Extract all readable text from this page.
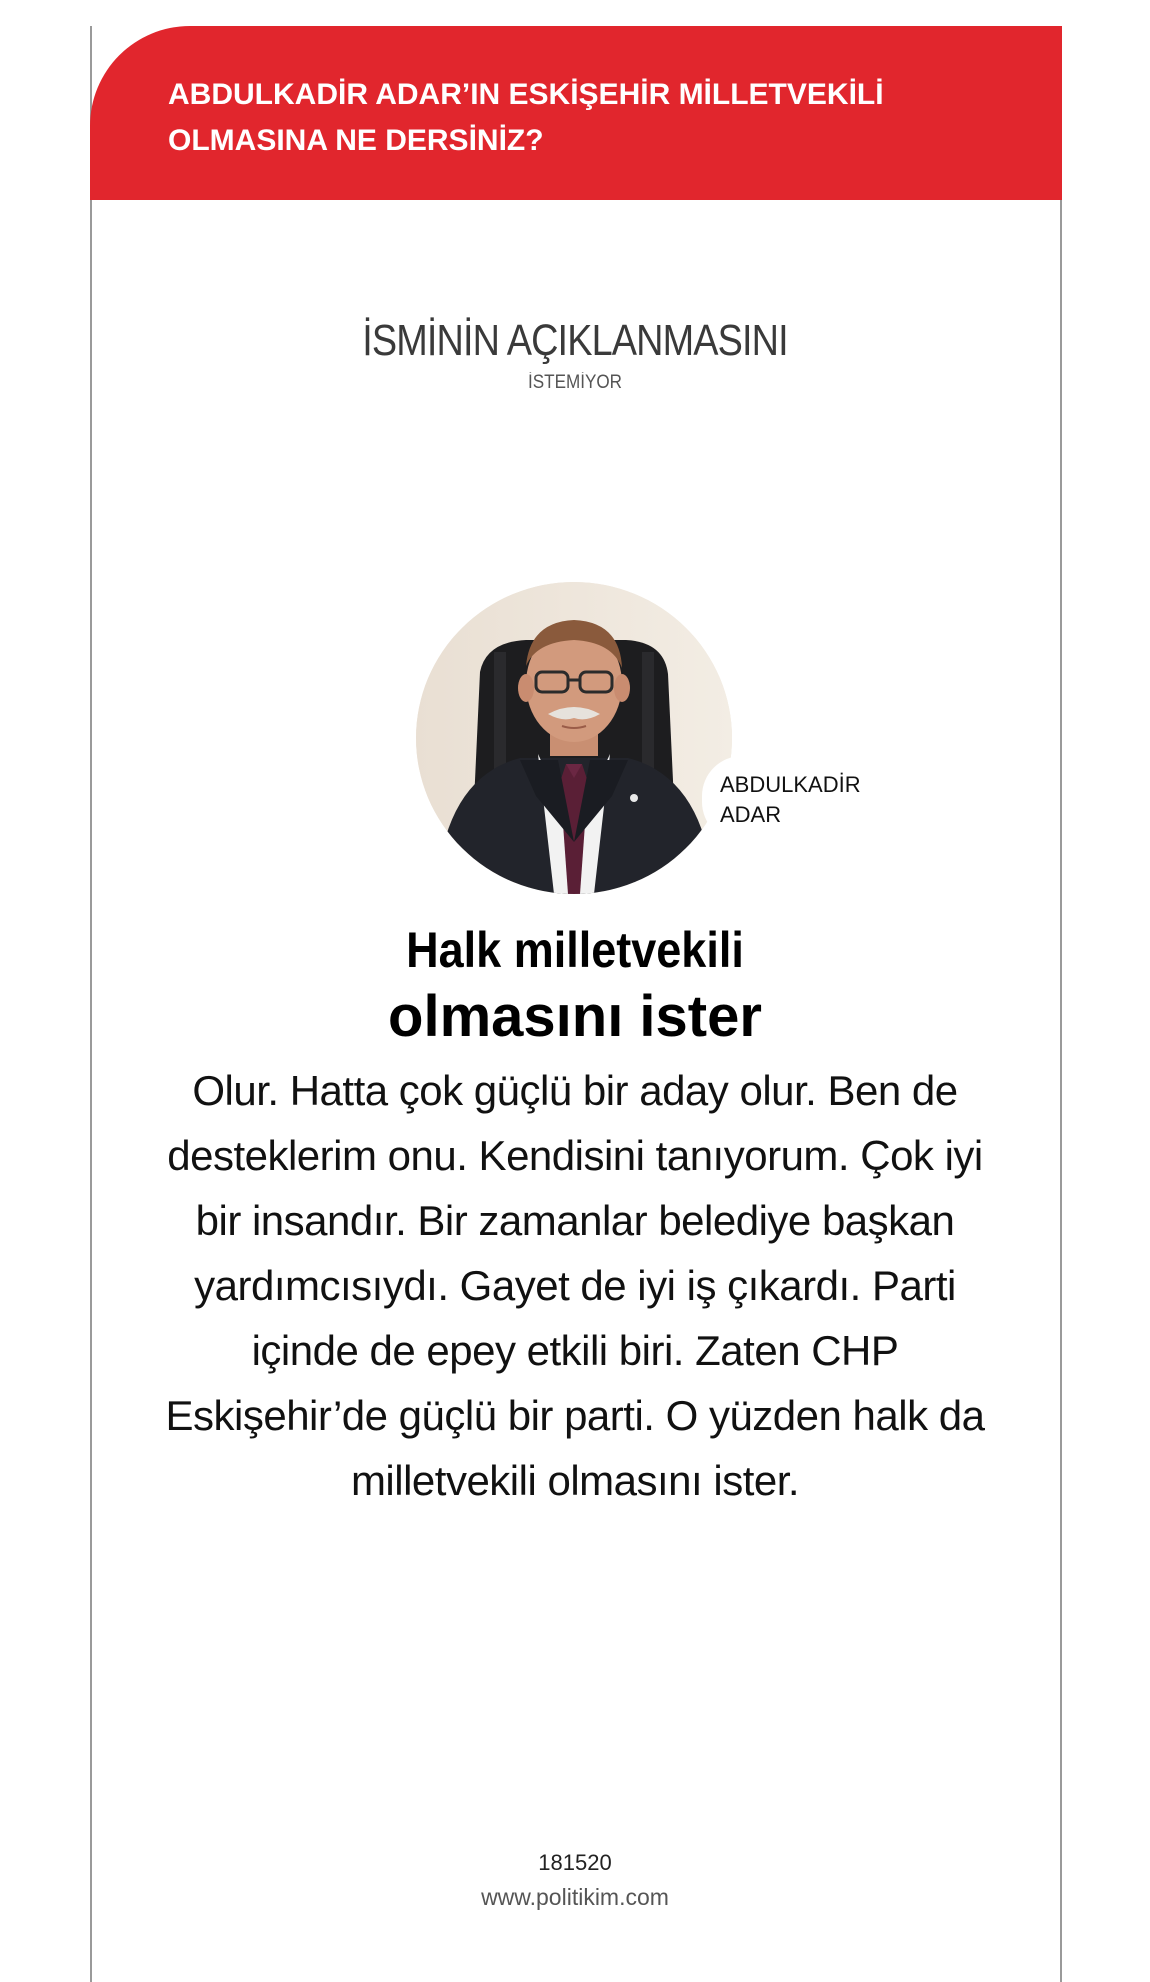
ABDULKADİR ADAR’IN ESKİŞEHİR MİLLETVEKİLİ OLMASINA NE DERSİNİZ?
İSMİNİN AÇIKLANMASINI
İSTEMİYOR
ABDULKADİR ADAR
Halk milletvekili
olmasını ister
Olur. Hatta çok güçlü bir aday olur. Ben de desteklerim onu. Kendisini tanıyorum. Çok iyi bir insandır. Bir zamanlar belediye başkan yardımcısıydı. Gayet de iyi iş çıkardı. Parti içinde de epey etkili biri. Zaten CHP Eskişehir’de güçlü bir parti. O yüzden halk da milletvekili olmasını ister.
181520
www.politikim.com
